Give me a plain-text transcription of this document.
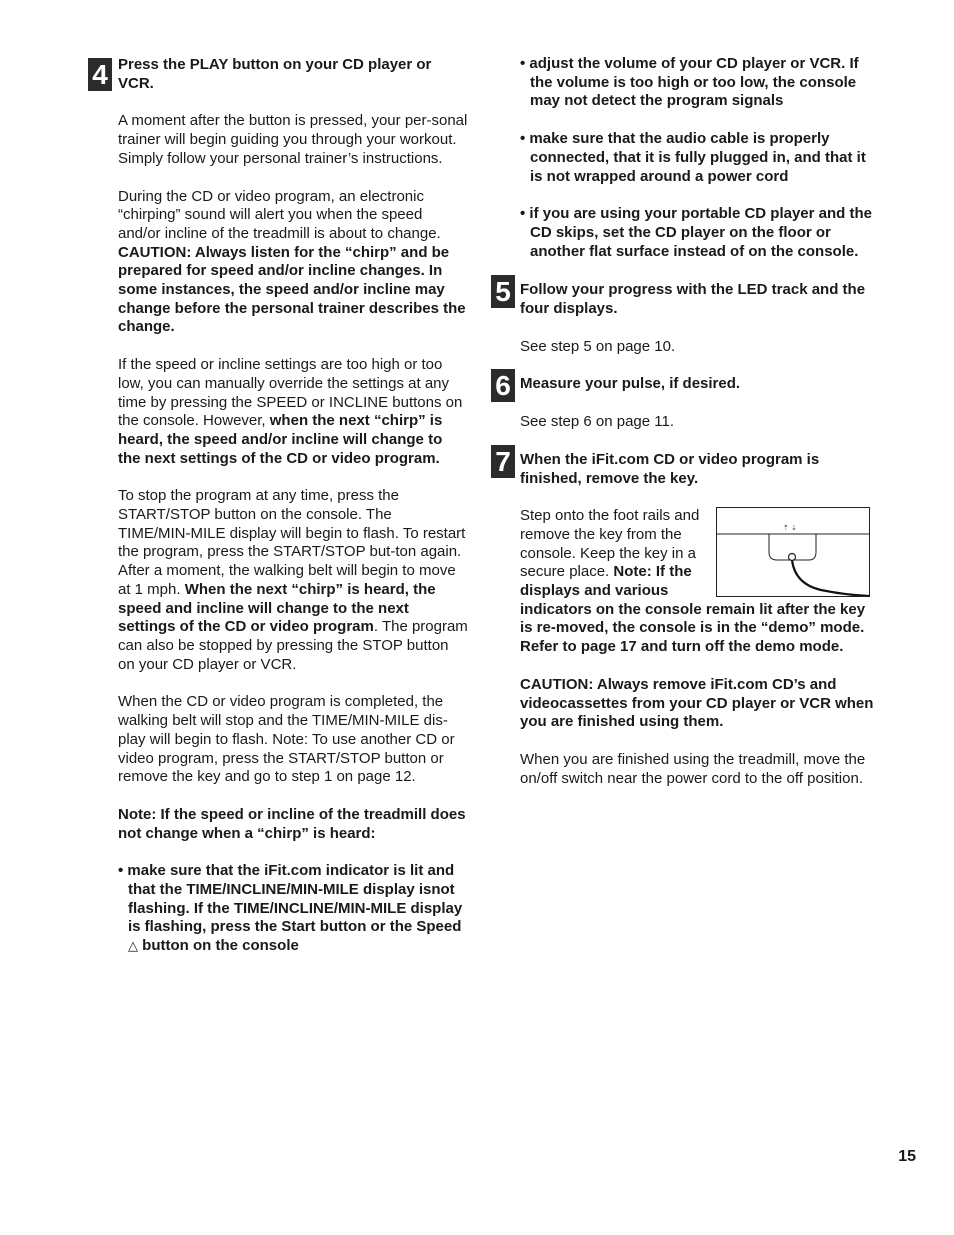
4
5
6
7

Press the PLAY button on your CD player or VCR.

A moment after the button is pressed, your per-sonal trainer will begin guiding you through your workout. Simply follow your personal trainer’s instructions.

During the CD or video program, an electronic “chirping” sound will alert you when the speed and/or incline of the treadmill is about to change. CAUTION: Always listen for the “chirp” and be prepared for speed and/or incline changes. In some instances, the speed and/or incline may change before the personal trainer describes the change.

If the speed or incline settings are too high or too low, you can manually override the settings at any time by pressing the SPEED or INCLINE buttons on the console. However, when the next “chirp” is heard, the speed and/or incline will change to the next settings of the CD or video program.

To stop the program at any time, press the START/STOP button on the console. The TIME/MIN-MILE display will begin to flash. To restart the program, press the START/STOP but-ton again. After a moment, the walking belt will begin to move at 1 mph. When the next “chirp” is heard, the speed and incline will change to the next settings of the CD or video program. The program can also be stopped by pressing the STOP button on your CD player or VCR.

When the CD or video program is completed, the walking belt will stop and the TIME/MIN-MILE dis-play will begin to flash. Note: To use another CD or video program, press the START/STOP button or remove the key and go to step 1 on page 12.

Note: If the speed or incline of the treadmill does not change when a “chirp” is heard:

• make sure that the iFit.com indicator is lit and that the TIME/INCLINE/MIN-MILE display isnot flashing. If the TIME/INCLINE/MIN-MILE display is flashing, press the Start button or the Speed △ button on the console

• adjust the volume of your CD player or VCR. If the volume is too high or too low, the console may not detect the program signals

• make sure that the audio cable is properly connected, that it is fully plugged in, and that it is not wrapped around a power cord

• if you are using your portable CD player and the CD skips, set the CD player on the floor or another flat surface instead of on the console.

Follow your progress with the LED track and the four displays.

See step 5 on page 10.

Measure your pulse, if desired.

See step 6 on page 11.

When the iFit.com CD or video program is finished, remove the key.

⇡ ⇣

Step onto the foot rails and remove the key from the console. Keep the key in a secure place. Note: If the displays and various indicators on the console remain lit after the key is re-moved, the console is in the “demo” mode. Refer to page 17 and turn off the demo mode.

CAUTION: Always remove iFit.com CD’s and videocassettes from your CD player or VCR when you are finished using them.

When you are finished using the treadmill, move the on/off switch near the power cord to the off position.

15
